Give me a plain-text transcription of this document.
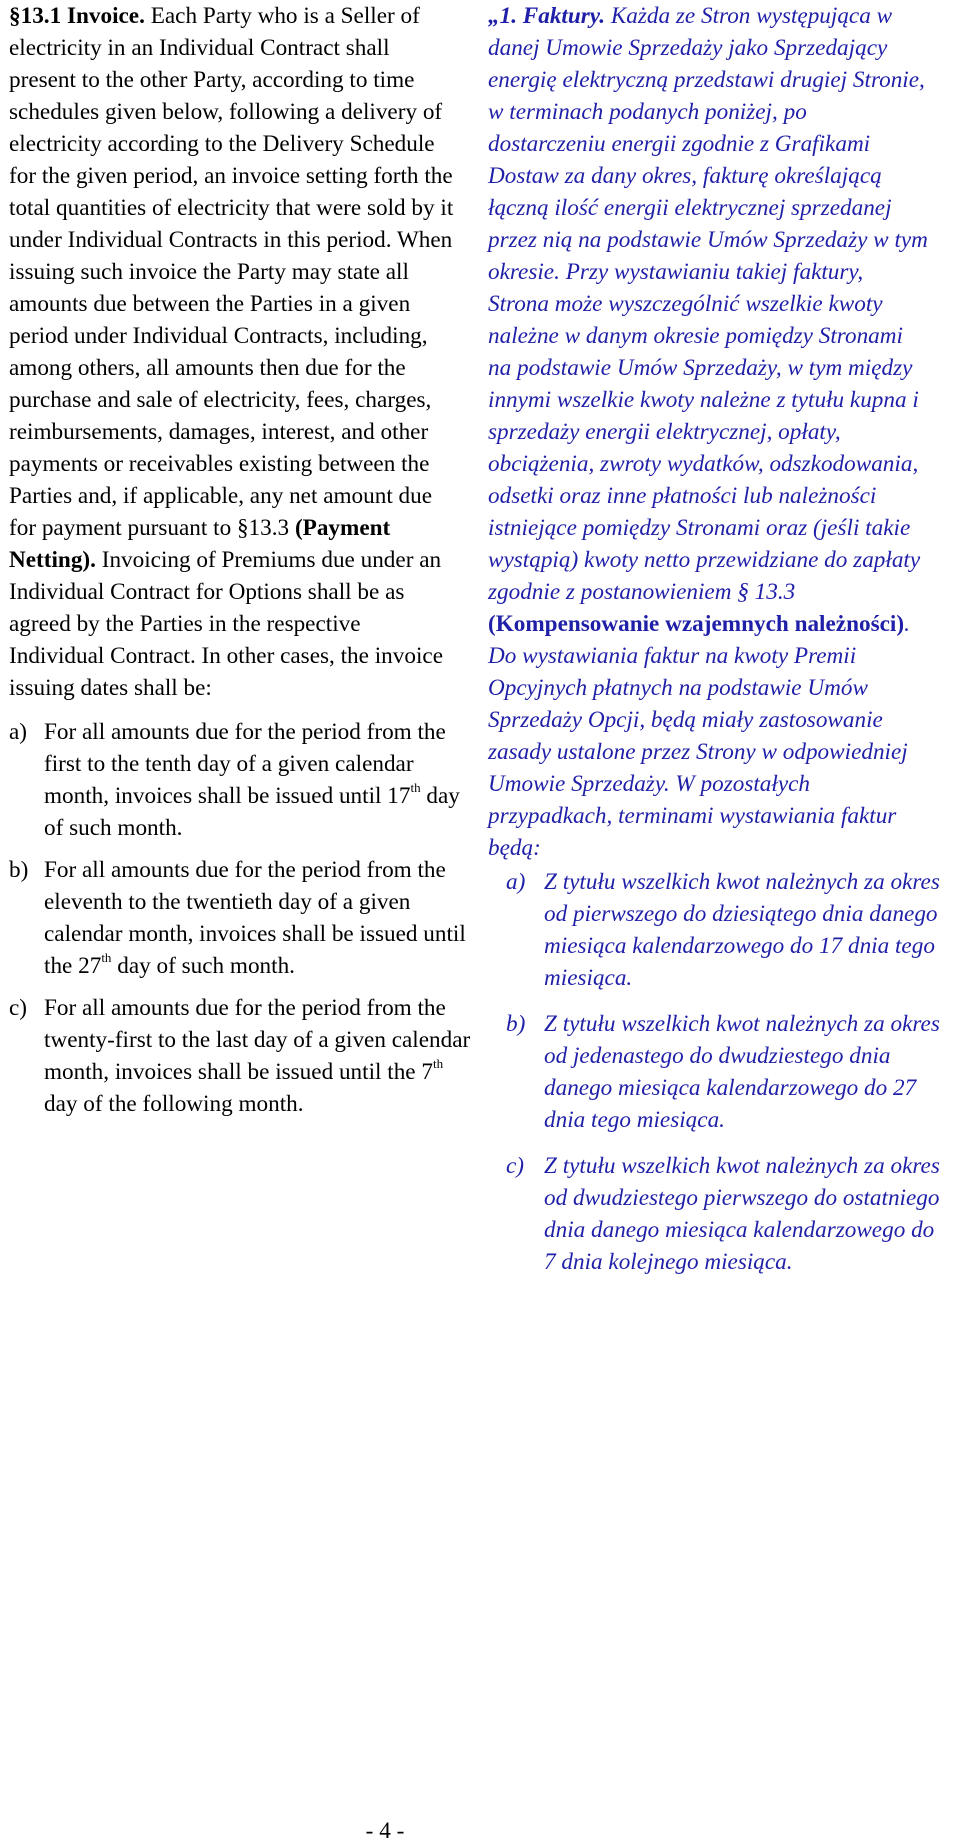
§13.1 Invoice. Each Party who is a Seller of electricity in an Individual Contract shall present to the other Party, according to time schedules given below, following a delivery of electricity according to the Delivery Schedule for the given period, an invoice setting forth the total quantities of electricity that were sold by it under Individual Contracts in this period. When issuing such invoice the Party may state all amounts due between the Parties in a given period under Individual Contracts, including, among others, all amounts then due for the purchase and sale of electricity, fees, charges, reimbursements, damages, interest, and other payments or receivables existing between the Parties and, if applicable, any net amount due for payment pursuant to §13.3 (Payment Netting). Invoicing of Premiums due under an Individual Contract for Options shall be as agreed by the Parties in the respective Individual Contract. In other cases, the invoice issuing dates shall be:

a) For all amounts due for the period from the first to the tenth day of a given calendar month, invoices shall be issued until 17th day of such month.
b) For all amounts due for the period from the eleventh to the twentieth day of a given calendar month, invoices shall be issued until the 27th day of such month.
c) For all amounts due for the period from the twenty-first to the last day of a given calendar month, invoices shall be issued until the 7th day of the following month.

„1. Faktury. Każda ze Stron występująca w danej Umowie Sprzedaży jako Sprzedający energię elektryczną przedstawi drugiej Stronie, w terminach podanych poniżej, po dostarczeniu energii zgodnie z Grafikami Dostaw za dany okres, fakturę określającą łączną ilość energii elektrycznej sprzedanej przez nią na podstawie Umów Sprzedaży w tym okresie. Przy wystawianiu takiej faktury, Strona może wyszczególnić wszelkie kwoty należne w danym okresie pomiędzy Stronami na podstawie Umów Sprzedaży, w tym między innymi wszelkie kwoty należne z tytułu kupna i sprzedaży energii elektrycznej, opłaty, obciążenia, zwroty wydatków, odszkodowania, odsetki oraz inne płatności lub należności istniejące pomiędzy Stronami oraz (jeśli takie wystąpią) kwoty netto przewidziane do zapłaty zgodnie z postanowieniem § 13.3 (Kompensowanie wzajemnych należności). Do wystawiania faktur na kwoty Premii Opcyjnych płatnych na podstawie Umów Sprzedaży Opcji, będą miały zastosowanie zasady ustalone przez Strony w odpowiedniej Umowie Sprzedaży. W pozostałych przypadkach, terminami wystawiania faktur będą:

a) Z tytułu wszelkich kwot należnych za okres od pierwszego do dziesiątego dnia danego miesiąca kalendarzowego do 17 dnia tego miesiąca.
b) Z tytułu wszelkich kwot należnych za okres od jedenastego do dwudziestego dnia danego miesiąca kalendarzowego do 27 dnia tego miesiąca.
c) Z tytułu wszelkich kwot należnych za okres od dwudziestego pierwszego do ostatniego dnia danego miesiąca kalendarzowego do 7 dnia kolejnego miesiąca.
- 4 -
